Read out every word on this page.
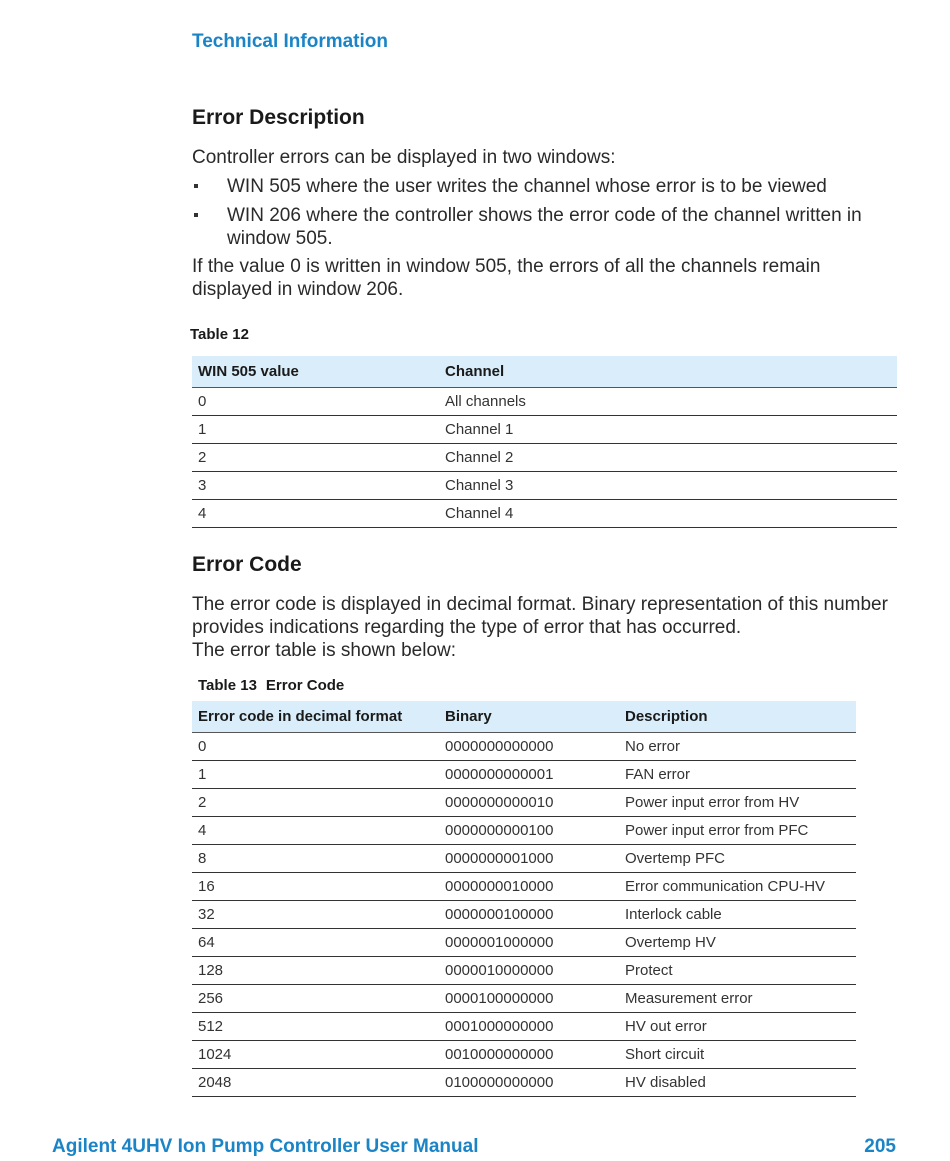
Technical Information
Error Description

Controller errors can be displayed in two windows:

WIN 505 where the user writes the channel whose error is to be viewed
WIN 206 where the controller shows the error code of the channel written in window 505.

If the value 0 is written in window 505, the errors of all the channels remain displayed in window 206.

Table 12
WIN 505 value	Channel
0	All channels
1	Channel 1
2	Channel 2
3	Channel 3
4	Channel 4
Error Code

The error code is displayed in decimal format. Binary representation of this number provides indications regarding the type of error that has occurred.

The error table is shown below:

Table 13 Error Code
Error code in decimal format	Binary	Description
0	0000000000000	No error
1	0000000000001	FAN error
2	0000000000010	Power input error from HV
4	0000000000100	Power input error from PFC
8	0000000001000	Overtemp PFC
16	0000000010000	Error communication CPU-HV
32	0000000100000	Interlock cable
64	0000001000000	Overtemp HV
128	0000010000000	Protect
256	0000100000000	Measurement error
512	0001000000000	HV out error
1024	0010000000000	Short circuit
2048	0100000000000	HV disabled
Agilent 4UHV Ion Pump Controller User Manual	205
